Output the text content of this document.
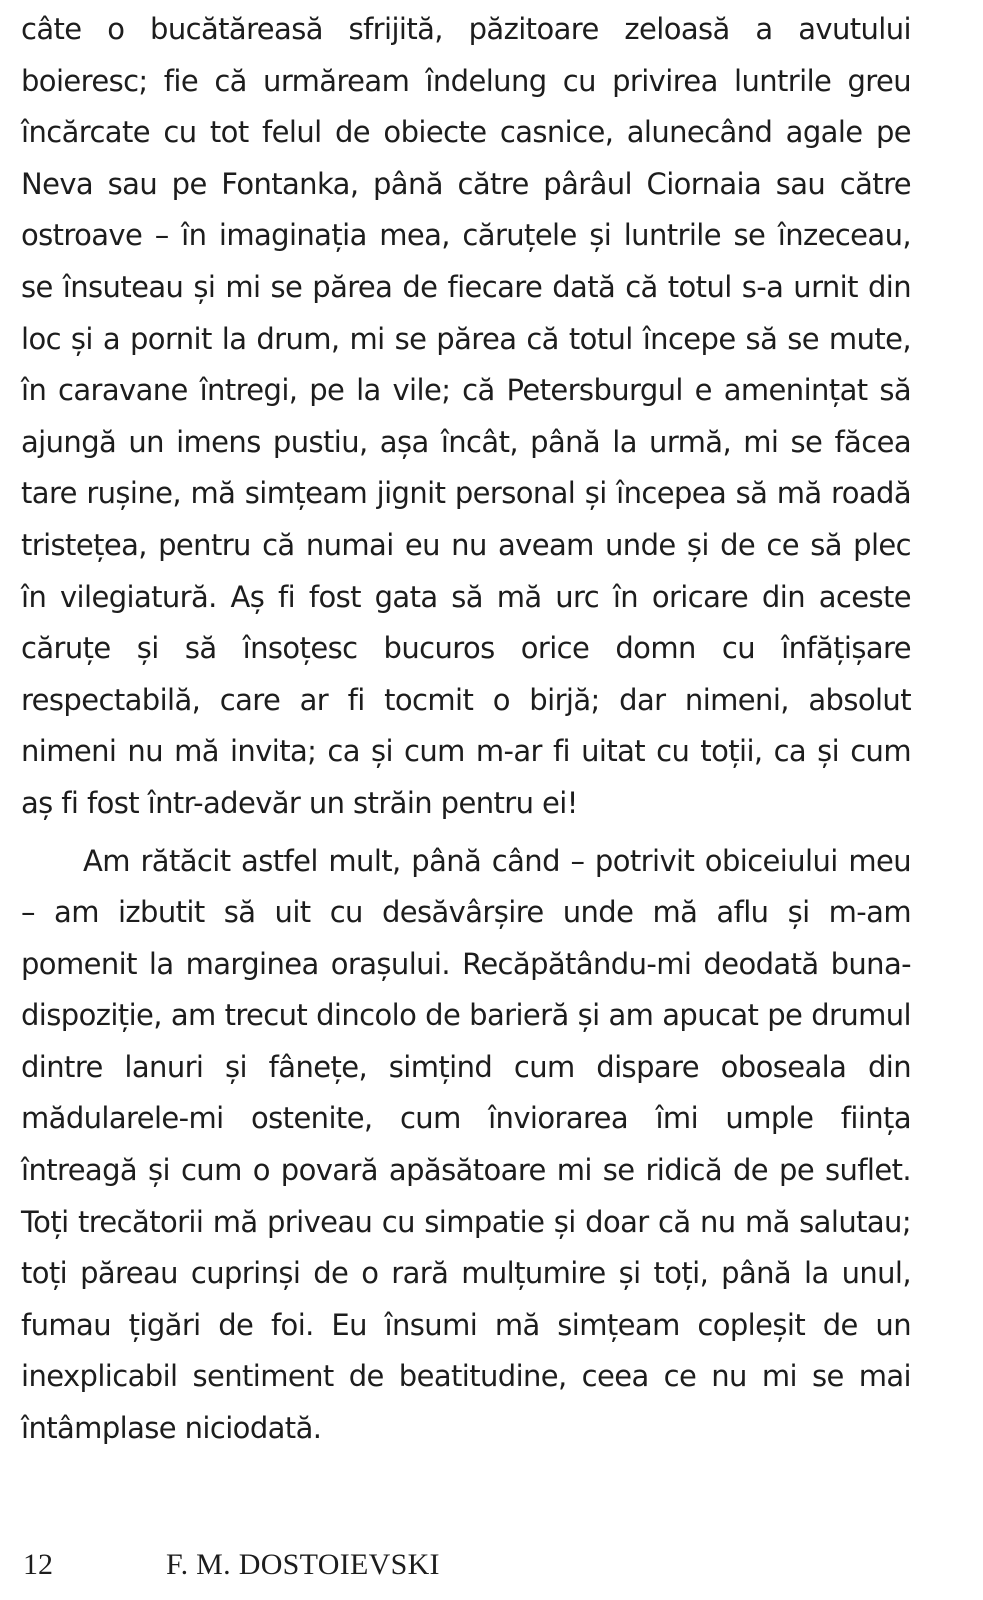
câte o bucătăreasă sfrijită, păzitoare zeloasă a avutului boieresc; fie că urmăream îndelung cu privirea luntrile greu încărcate cu tot felul de obiecte casnice, alunecând agale pe Neva sau pe Fontanka, până către pârâul Ciornaia sau către ostroave – în imaginația mea, căruțele și luntrile se înzeceau, se însuteau și mi se părea de fiecare dată că totul s-a urnit din loc și a pornit la drum, mi se părea că totul începe să se mute, în caravane întregi, pe la vile; că Petersburgul e amenințat să ajungă un imens pustiu, așa încât, până la urmă, mi se făcea tare rușine, mă simțeam jignit personal și începea să mă roadă tristețea, pentru că numai eu nu aveam unde și de ce să plec în vilegiatură. Aș fi fost gata să mă urc în oricare din aceste căruțe și să însoțesc bucuros orice domn cu înfățișare respectabilă, care ar fi tocmit o birjă; dar nimeni, absolut nimeni nu mă invita; ca și cum m-ar fi uitat cu toții, ca și cum aș fi fost într-adevăr un străin pentru ei!

Am rătăcit astfel mult, până când – potrivit obiceiului meu – am izbutit să uit cu desăvârșire unde mă aflu și m-am pomenit la marginea orașului. Recăpătându-mi deodată buna-dispoziție, am trecut dincolo de barieră și am apucat pe drumul dintre lanuri și fânețe, simțind cum dispare oboseala din mădularele-mi ostenite, cum înviorarea îmi umple ființa întreagă și cum o povară apăsătoare mi se ridică de pe suflet. Toți trecătorii mă priveau cu simpatie și doar că nu mă salutau; toți păreau cuprinși de o rară mulțumire și toți, până la unul, fumau țigări de foi. Eu însumi mă simțeam copleșit de un inexplicabil sentiment de beatitudine, ceea ce nu mi se mai întâmplase niciodată.

12	F. M. DOSTOIEVSKI
